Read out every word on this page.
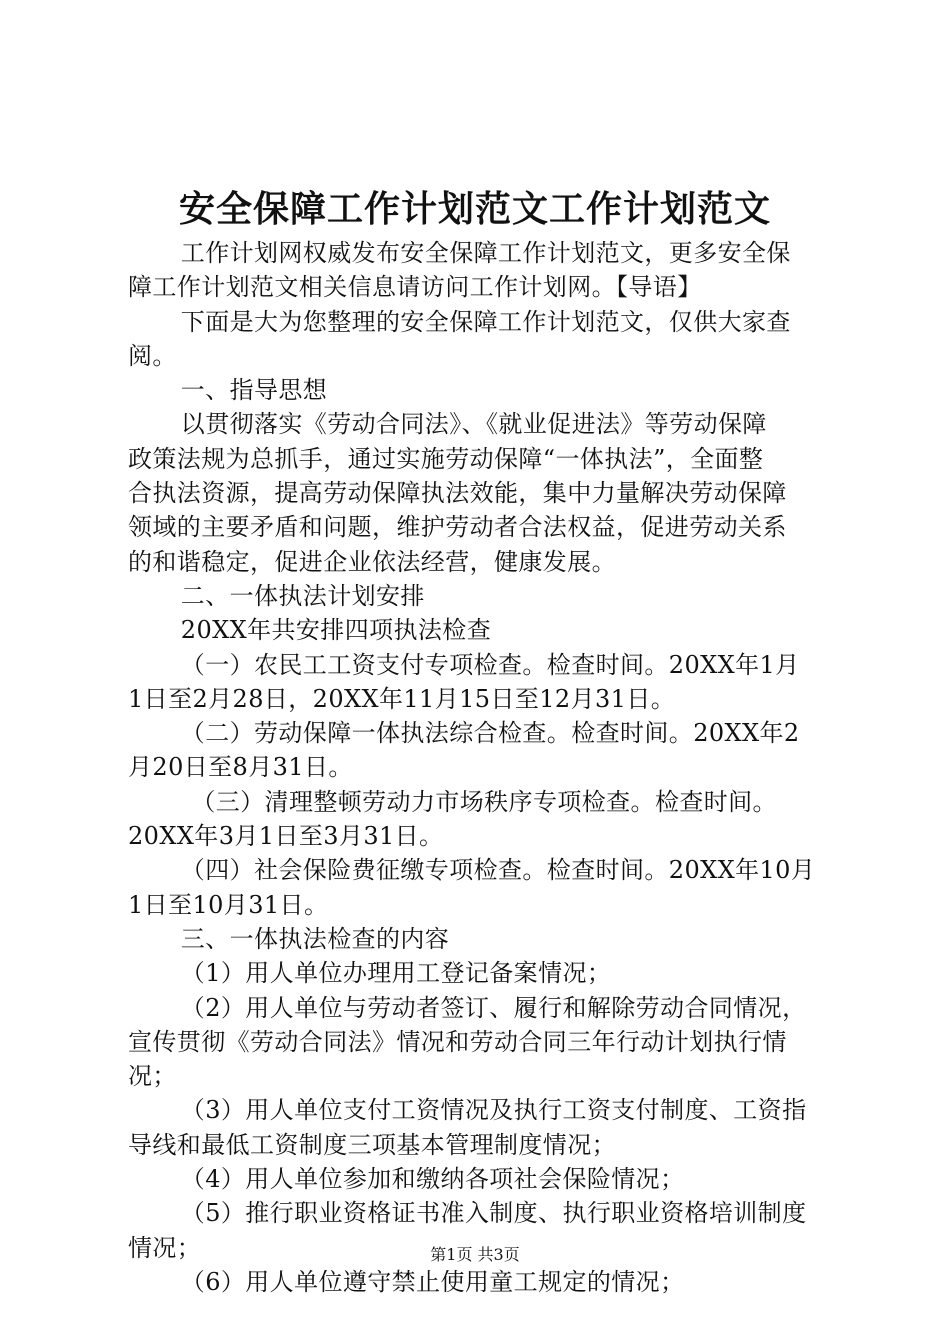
安全保障工作计划范文工作计划范文
工作计划网权威发布安全保障工作计划范文，更多安全保
障工作计划范文相关信息请访问工作计划网。【导语】
下面是大为您整理的安全保障工作计划范文，仅供大家查
阅。
一、指导思想
以贯彻落实《劳动合同法》、《就业促进法》等劳动保障
政策法规为总抓手，通过实施劳动保障“一体执法”，全面整
合执法资源，提高劳动保障执法效能，集中力量解决劳动保障
领域的主要矛盾和问题，维护劳动者合法权益，促进劳动关系
的和谐稳定，促进企业依法经营，健康发展。
二、一体执法计划安排
20XX年共安排四项执法检查
（一）农民工工资支付专项检查。检查时间。20XX年1月
1日至2月28日，20XX年11月15日至12月31日。
（二）劳动保障一体执法综合检查。检查时间。20XX年2
月20日至8月31日。
（三）清理整顿劳动力市场秩序专项检查。检查时间。
20XX年3月1日至3月31日。
（四）社会保险费征缴专项检查。检查时间。20XX年10月
1日至10月31日。
三、一体执法检查的内容
（1）用人单位办理用工登记备案情况；
（2）用人单位与劳动者签订、履行和解除劳动合同情况，
宣传贯彻《劳动合同法》情况和劳动合同三年行动计划执行情
况；
（3）用人单位支付工资情况及执行工资支付制度、工资指
导线和最低工资制度三项基本管理制度情况；
（4）用人单位参加和缴纳各项社会保险情况；
（5）推行职业资格证书准入制度、执行职业资格培训制度
情况；
（6）用人单位遵守禁止使用童工规定的情况；
第1页 共3页
